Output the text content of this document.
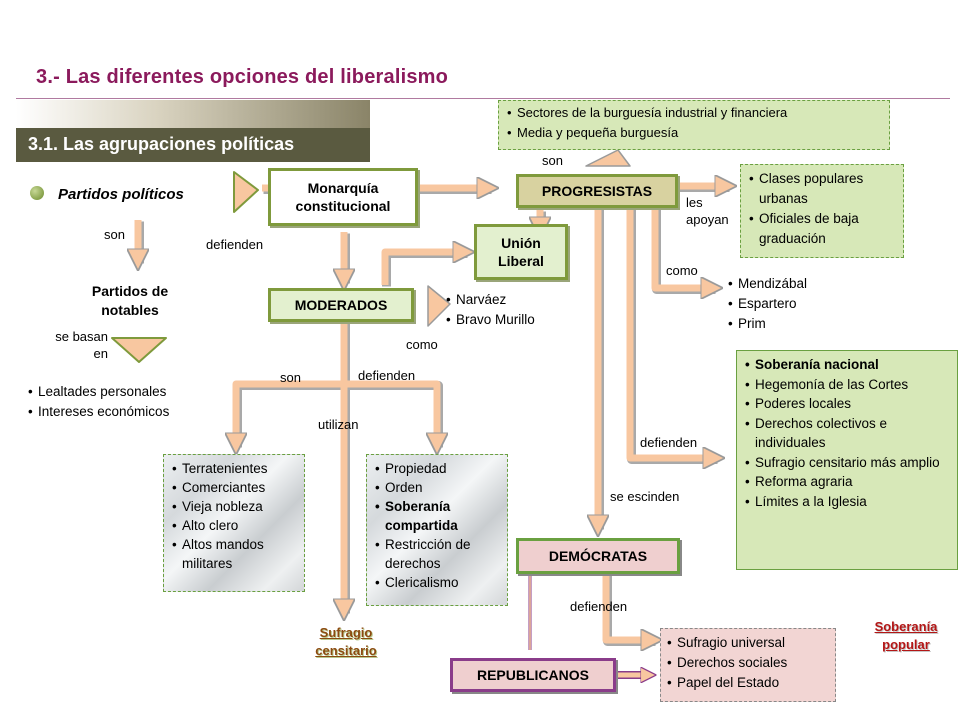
3.- Las diferentes opciones del liberalismo
3.1. Las agrupaciones políticas
Partidos políticos
son
Partidos de notables
se basan en
• Lealtades personales
• Intereses económicos
defienden
Monarquía constitucional
MODERADOS
Unión Liberal
• Narváez
• Bravo Murillo
como
son	defienden
utilizan
• Terratenientes
• Comerciantes
• Vieja nobleza
• Alto clero
• Altos mandos militares
• Propiedad
• Orden
• Soberanía compartida
• Restricción de derechos
• Clericalismo
Sufragio censitario
• Sectores de la burguesía industrial y financiera
• Media y pequeña burguesía
son
PROGRESISTAS
les apoyan
• Clases populares urbanas
• Oficiales de baja graduación
como
• Mendizábal
• Espartero
• Prim
• Soberanía nacional
• Hegemonía de las Cortes
• Poderes locales
• Derechos colectivos e individuales
• Sufragio censitario más amplio
• Reforma agraria
• Límites a la Iglesia
defienden
se escinden
DEMÓCRATAS
defienden
REPUBLICANOS
• Sufragio universal
• Derechos sociales
• Papel del Estado
Soberanía popular
